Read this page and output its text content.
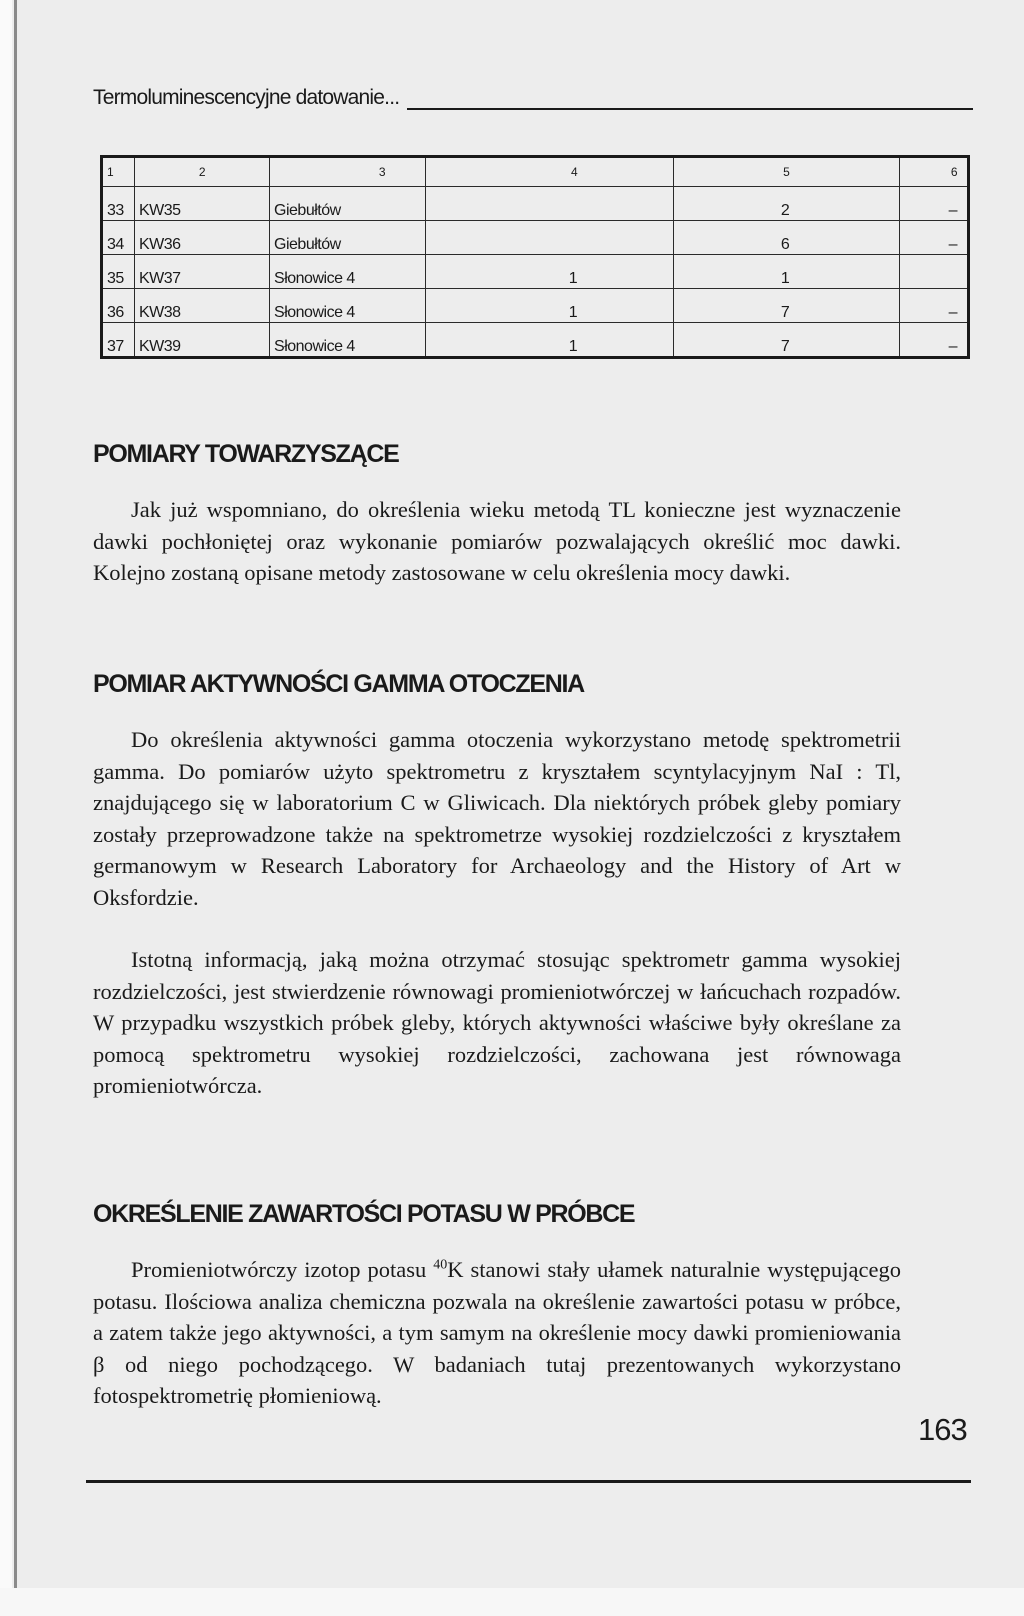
Termoluminescencyjne datowanie...
1	2	3	4	5	6
33	KW35	Giebułtów		2	–
34	KW36	Giebułtów		6	–
35	KW37	Słonowice 4	1	1	
36	KW38	Słonowice 4	1	7	–
37	KW39	Słonowice 4	1	7	–
POMIARY TOWARZYSZĄCE

Jak już wspomniano, do określenia wieku metodą TL konieczne jest wyznaczenie dawki pochłoniętej oraz wykonanie pomiarów pozwalających określić moc dawki. Kolejno zostaną opisane metody zastosowane w celu określenia mocy dawki.

POMIAR AKTYWNOŚCI GAMMA OTOCZENIA

Do określenia aktywności gamma otoczenia wykorzystano metodę spektrometrii gamma. Do pomiarów użyto spektrometru z kryształem scyntylacyjnym NaI : Tl, znajdującego się w laboratorium C w Gliwicach. Dla niektórych próbek gleby pomiary zostały przeprowadzone także na spektrometrze wysokiej rozdzielczości z kryształem germanowym w Research Laboratory for Archaeology and the History of Art w Oksfordzie.

Istotną informacją, jaką można otrzymać stosując spektrometr gamma wysokiej rozdzielczości, jest stwierdzenie równowagi promieniotwórczej w łańcuchach rozpadów. W przypadku wszystkich próbek gleby, których aktywności właściwe były określane za pomocą spektrometru wysokiej rozdzielczości, zachowana jest równowaga promieniotwórcza.

OKREŚLENIE ZAWARTOŚCI POTASU W PRÓBCE

Promieniotwórczy izotop potasu $^{40}$K stanowi stały ułamek naturalnie występującego potasu. Ilościowa analiza chemiczna pozwala na określenie zawartości potasu w próbce, a zatem także jego aktywności, a tym samym na określenie mocy dawki promieniowania β od niego pochodzącego. W badaniach tutaj prezentowanych wykorzystano fotospektrometrię płomieniową.

163
